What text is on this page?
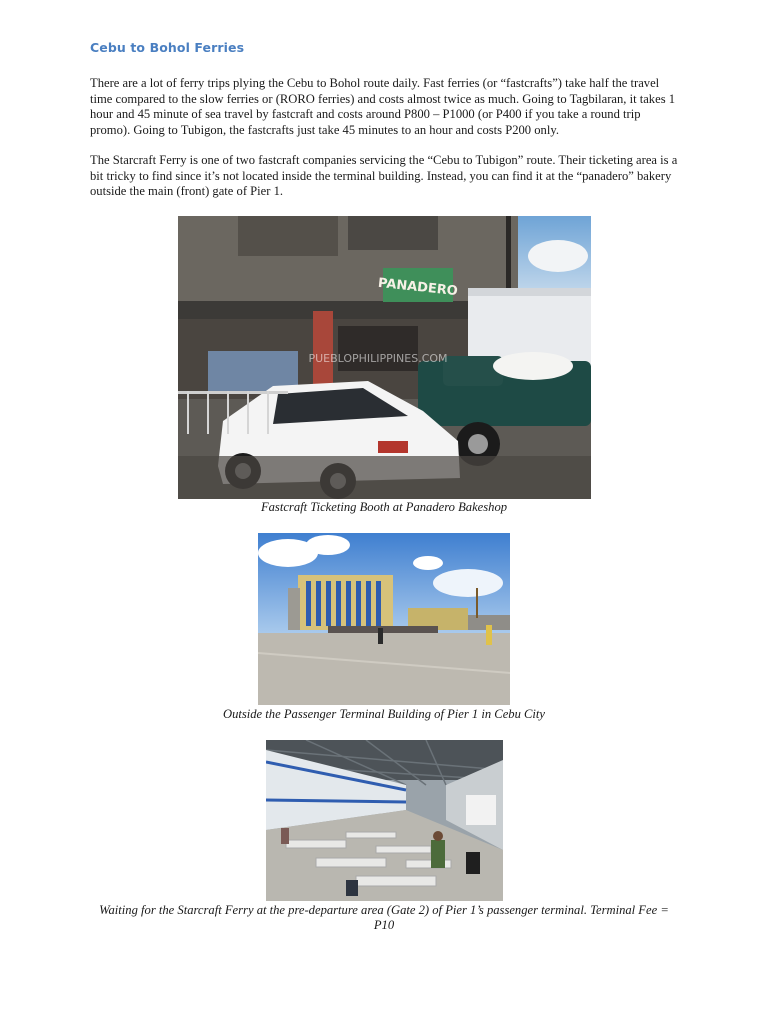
Cebu to Bohol Ferries

There are a lot of ferry trips plying the Cebu to Bohol route daily. Fast ferries (or “fastcrafts”) take half the travel time compared to the slow ferries or (RORO ferries) and costs almost twice as much. Going to Tagbilaran, it takes 1 hour and 45 minute of sea travel by fastcraft and costs around P800 – P1000 (or P400 if you take a round trip promo). Going to Tubigon, the fastcrafts just take 45 minutes to an hour and costs P200 only.

The Starcraft Ferry is one of two fastcraft companies servicing the “Cebu to Tubigon” route. Their ticketing area is a bit tricky to find since it’s not located inside the terminal building. Instead, you can find it at the “panadero” bakery outside the main (front) gate of Pier 1.

PANADERO
PUEBLOPHILIPPINES.COM

Fastcraft Ticketing Booth at Panadero Bakeshop

Outside the Passenger Terminal Building of Pier 1 in Cebu City

Waiting for the Starcraft Ferry at the pre-departure area (Gate 2) of Pier 1’s passenger terminal. Terminal Fee = P10
